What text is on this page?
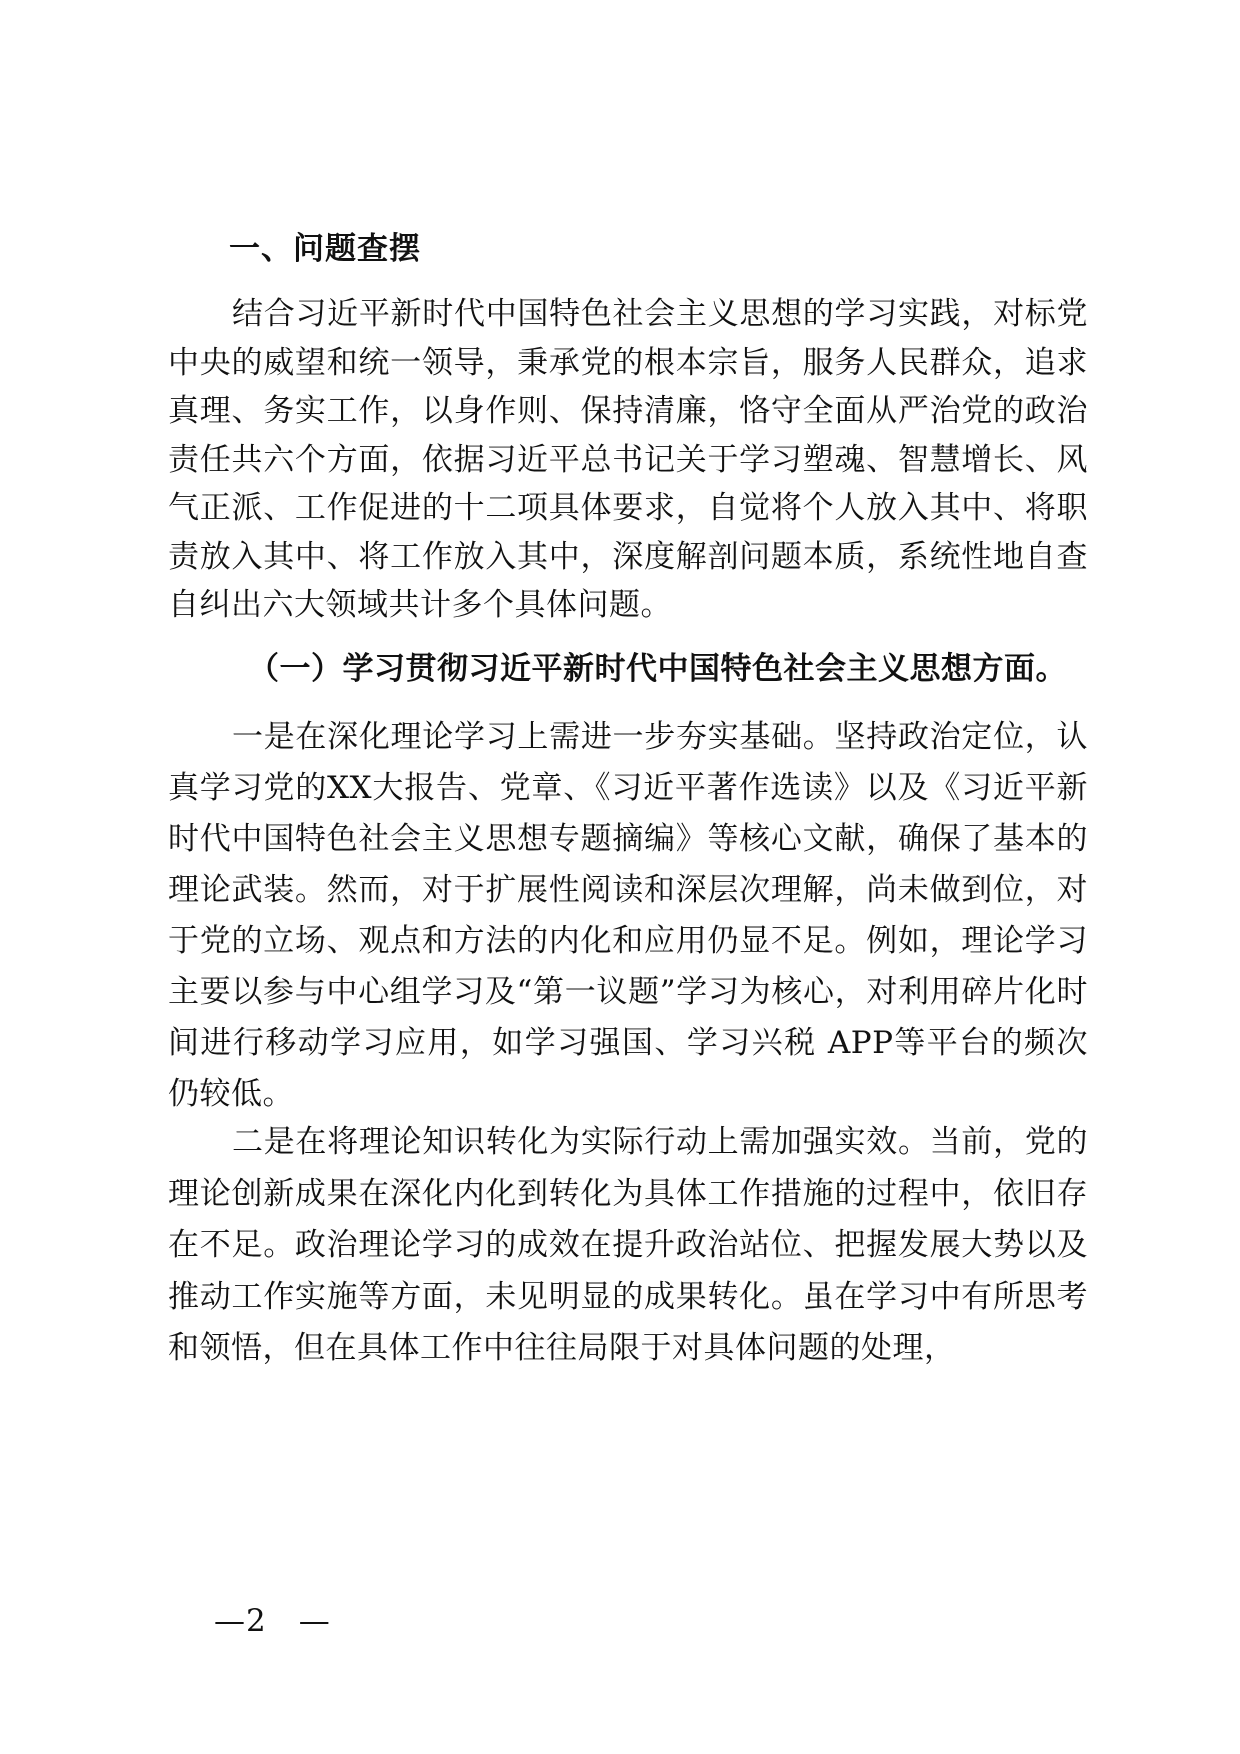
一、问题查摆
结合习近平新时代中国特色社会主义思想的学习实践，对标党中央的威望和统一领导，秉承党的根本宗旨，服务人民群众，追求真理、务实工作，以身作则、保持清廉，恪守全面从严治党的政治责任共六个方面，依据习近平总书记关于学习塑魂、智慧增长、风气正派、工作促进的十二项具体要求，自觉将个人放入其中、将职责放入其中、将工作放入其中，深度解剖问题本质，系统性地自查自纠出六大领域共计多个具体问题。
（一）学习贯彻习近平新时代中国特色社会主义思想方面。
一是在深化理论学习上需进一步夯实基础。坚持政治定位，认真学习党的XX大报告、党章、《习近平著作选读》以及《习近平新时代中国特色社会主义思想专题摘编》等核心文献，确保了基本的理论武装。然而，对于扩展性阅读和深层次理解，尚未做到位，对于党的立场、观点和方法的内化和应用仍显不足。例如，理论学习主要以参与中心组学习及“第一议题”学习为核心，对利用碎片化时间进行移动学习应用，如学习强国、学习兴税 APP等平台的频次仍较低。
二是在将理论知识转化为实际行动上需加强实效。当前，党的理论创新成果在深化内化到转化为具体工作措施的过程中，依旧存在不足。政治理论学习的成效在提升政治站位、把握发展大势以及推动工作实施等方面，未见明显的成果转化。虽在学习中有所思考和领悟，但在具体工作中往往局限于对具体问题的处理，
—2　—
